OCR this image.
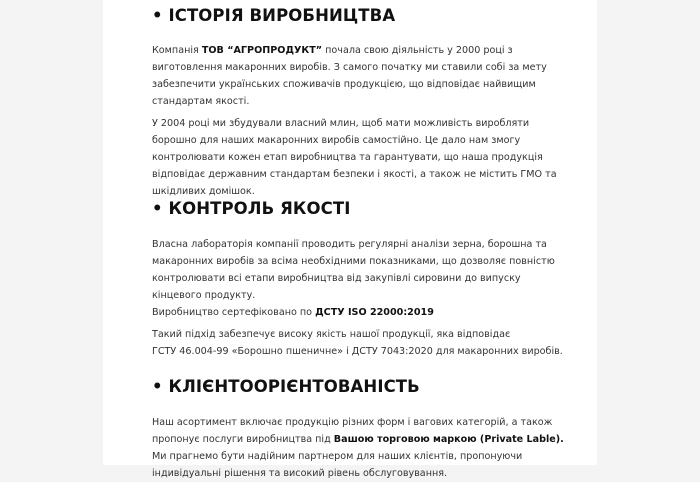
• ІСТОРІЯ ВИРОБНИЦТВА
Компанія ТОВ “АГРОПРОДУКТ” почала свою діяльність у 2000 році з
виготовлення макаронних виробів. З самого початку ми ставили собі за мету
забезпечити українських споживачів продукцією, що відповідає найвищим
стандартам якості.
У 2004 році ми збудували власний млин, щоб мати можливість виробляти
борошно для наших макаронних виробів самостійно. Це дало нам змогу
контролювати кожен етап виробництва та гарантувати, що наша продукція
відповідає державним стандартам безпеки і якості, а також не містить ГМО та
шкідливих домішок.
• КОНТРОЛЬ ЯКОСТІ
Власна лабораторія компанії проводить регулярні аналізи зерна, борошна та
макаронних виробів за всіма необхідними показниками, що дозволяє повністю
контролювати всі етапи виробництва від закупівлі сировини до випуску
кінцевого продукту.
Виробництво сертефіковано по ДСТУ ISO 22000:2019
Такий підхід забезпечує високу якість нашої продукції, яка відповідає
ГСТУ 46.004-99 «Борошно пшеничне» і ДСТУ 7043:2020 для макаронних виробів.
• КЛІЄНТООРІЄНТОВАНІСТЬ
Наш асортимент включає продукцію різних форм і вагових категорій, а також
пропонує послуги виробництва під Вашою торговою маркою (Private Lable).
Ми прагнемо бути надійним партнером для наших клієнтів, пропонуючи
індивідуальні рішення та високий рівень обслуговування.
